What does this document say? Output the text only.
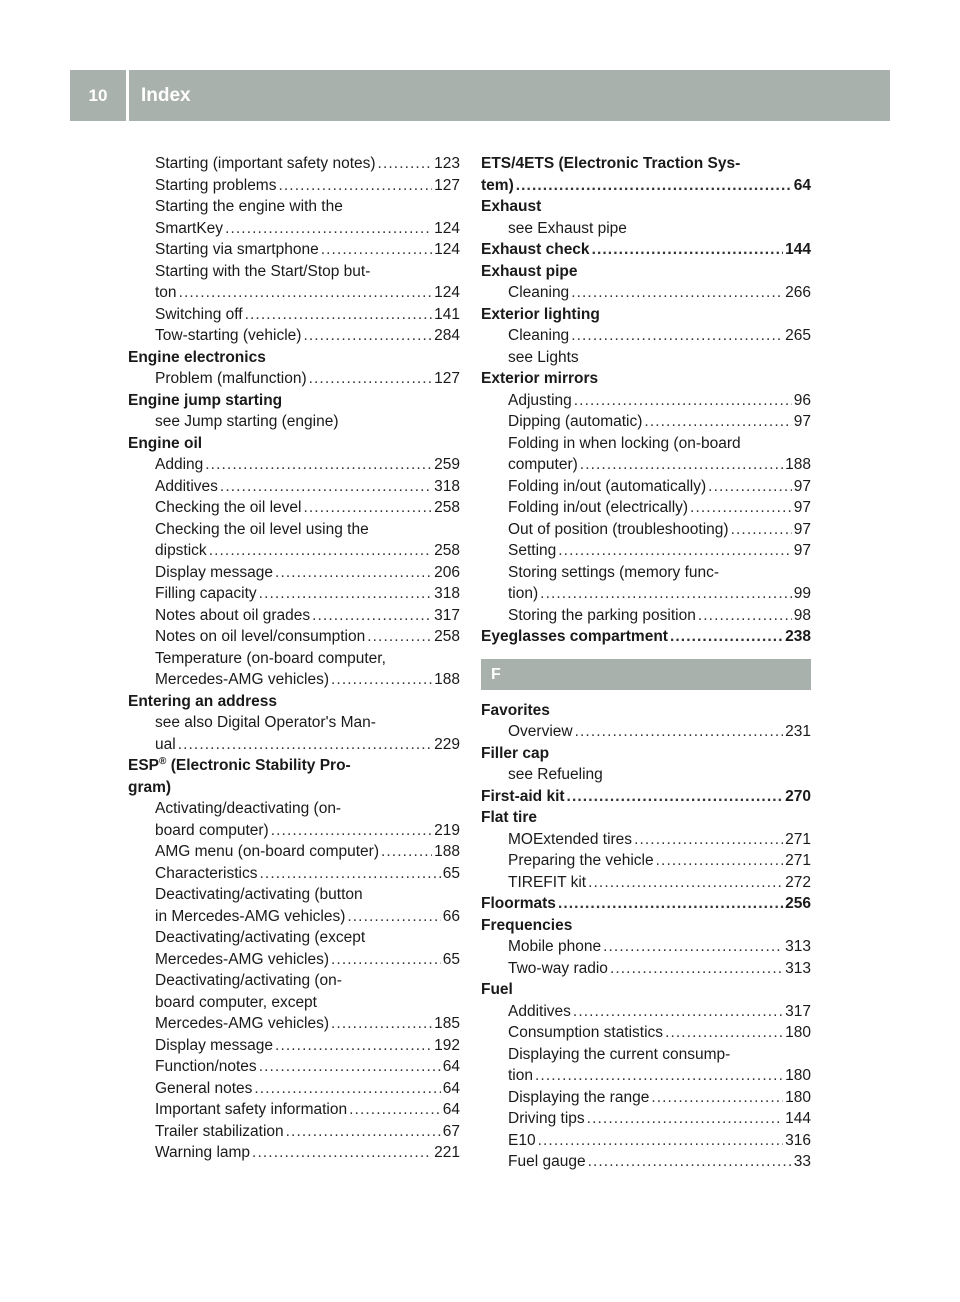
10	Index
Starting (important safety notes) . . .	123
Starting problems . . .	127
Starting the engine with the
SmartKey . . .	124
Starting via smartphone . . .	124
Starting with the Start/Stop but-
ton . . .	124
Switching off . . .	141
Tow-starting (vehicle) . . .	284
Engine electronics
Problem (malfunction) . . .	127
Engine jump starting
see Jump starting (engine)
Engine oil
Adding . . .	259
Additives . . .	318
Checking the oil level . . .	258
Checking the oil level using the
dipstick . . .	258
Display message . . .	206
Filling capacity . . .	318
Notes about oil grades . . .	317
Notes on oil level/consumption . . .	258
Temperature (on-board computer,
Mercedes-AMG vehicles) . . .	188
Entering an address
see also Digital Operator's Man-
ual . . .	229
ESP® (Electronic Stability Pro-
gram)
Activating/deactivating (on-
board computer) . . .	219
AMG menu (on-board computer) . . .	188
Characteristics . . .	65
Deactivating/activating (button
in Mercedes-AMG vehicles) . . .	66
Deactivating/activating (except
Mercedes-AMG vehicles) . . .	65
Deactivating/activating (on-
board computer, except
Mercedes-AMG vehicles) . . .	185
Display message . . .	192
Function/notes . . .	64
General notes . . .	64
Important safety information . . .	64
Trailer stabilization . . .	67
Warning lamp . . .	221
ETS/4ETS (Electronic Traction Sys-
tem) . . .	64
Exhaust
see Exhaust pipe
Exhaust check . . .	144
Exhaust pipe
Cleaning . . .	266
Exterior lighting
Cleaning . . .	265
see Lights
Exterior mirrors
Adjusting . . .	96
Dipping (automatic) . . .	97
Folding in when locking (on-board
computer) . . .	188
Folding in/out (automatically) . . .	97
Folding in/out (electrically) . . .	97
Out of position (troubleshooting) . . .	97
Setting . . .	97
Storing settings (memory func-
tion) . . .	99
Storing the parking position . . .	98
Eyeglasses compartment . . .	238
F
Favorites
Overview . . .	231
Filler cap
see Refueling
First-aid kit . . .	270
Flat tire
MOExtended tires . . .	271
Preparing the vehicle . . .	271
TIREFIT kit . . .	272
Floormats . . .	256
Frequencies
Mobile phone . . .	313
Two-way radio . . .	313
Fuel
Additives . . .	317
Consumption statistics . . .	180
Displaying the current consump-
tion . . .	180
Displaying the range . . .	180
Driving tips . . .	144
E10 . . .	316
Fuel gauge . . .	33
